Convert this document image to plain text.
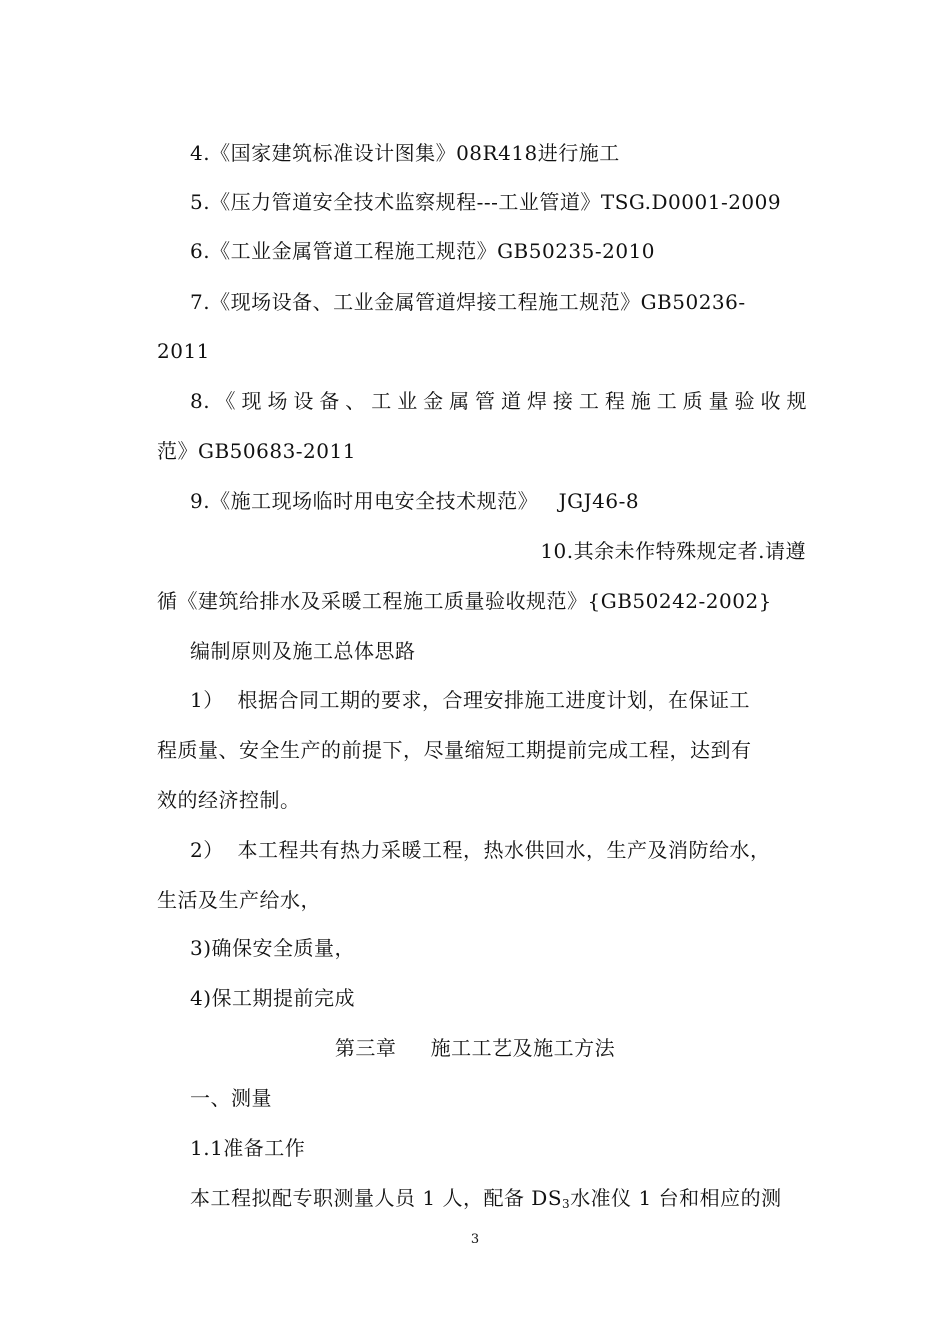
4.《国家建筑标准设计图集》08R418进行施工
5.《压力管道安全技术监察规程---工业管道》TSG.D0001-2009
6.《工业金属管道工程施工规范》GB50235-2010
7.《现场设备、工业金属管道焊接工程施工规范》GB50236-
2011
8.《现场设备、工业金属管道焊接工程施工质量验收规
范》GB50683-2011
9.《施工现场临时用电安全技术规范》   JGJ46-8
10.其余未作特殊规定者.请遵
循《建筑给排水及采暖工程施工质量验收规范》{GB50242-2002}
编制原则及施工总体思路
1）  根据合同工期的要求，合理安排施工进度计划，在保证工
程质量、安全生产的前提下，尽量缩短工期提前完成工程，达到有
效的经济控制。
2）  本工程共有热力采暖工程，热水供回水，生产及消防给水，
生活及生产给水，
3)确保安全质量，
4)保工期提前完成
第三章     施工工艺及施工方法
一、测量
1.1准备工作
本工程拟配专职测量人员 1 人，配备 $DS_3$水准仪 1 台和相应的测
3
